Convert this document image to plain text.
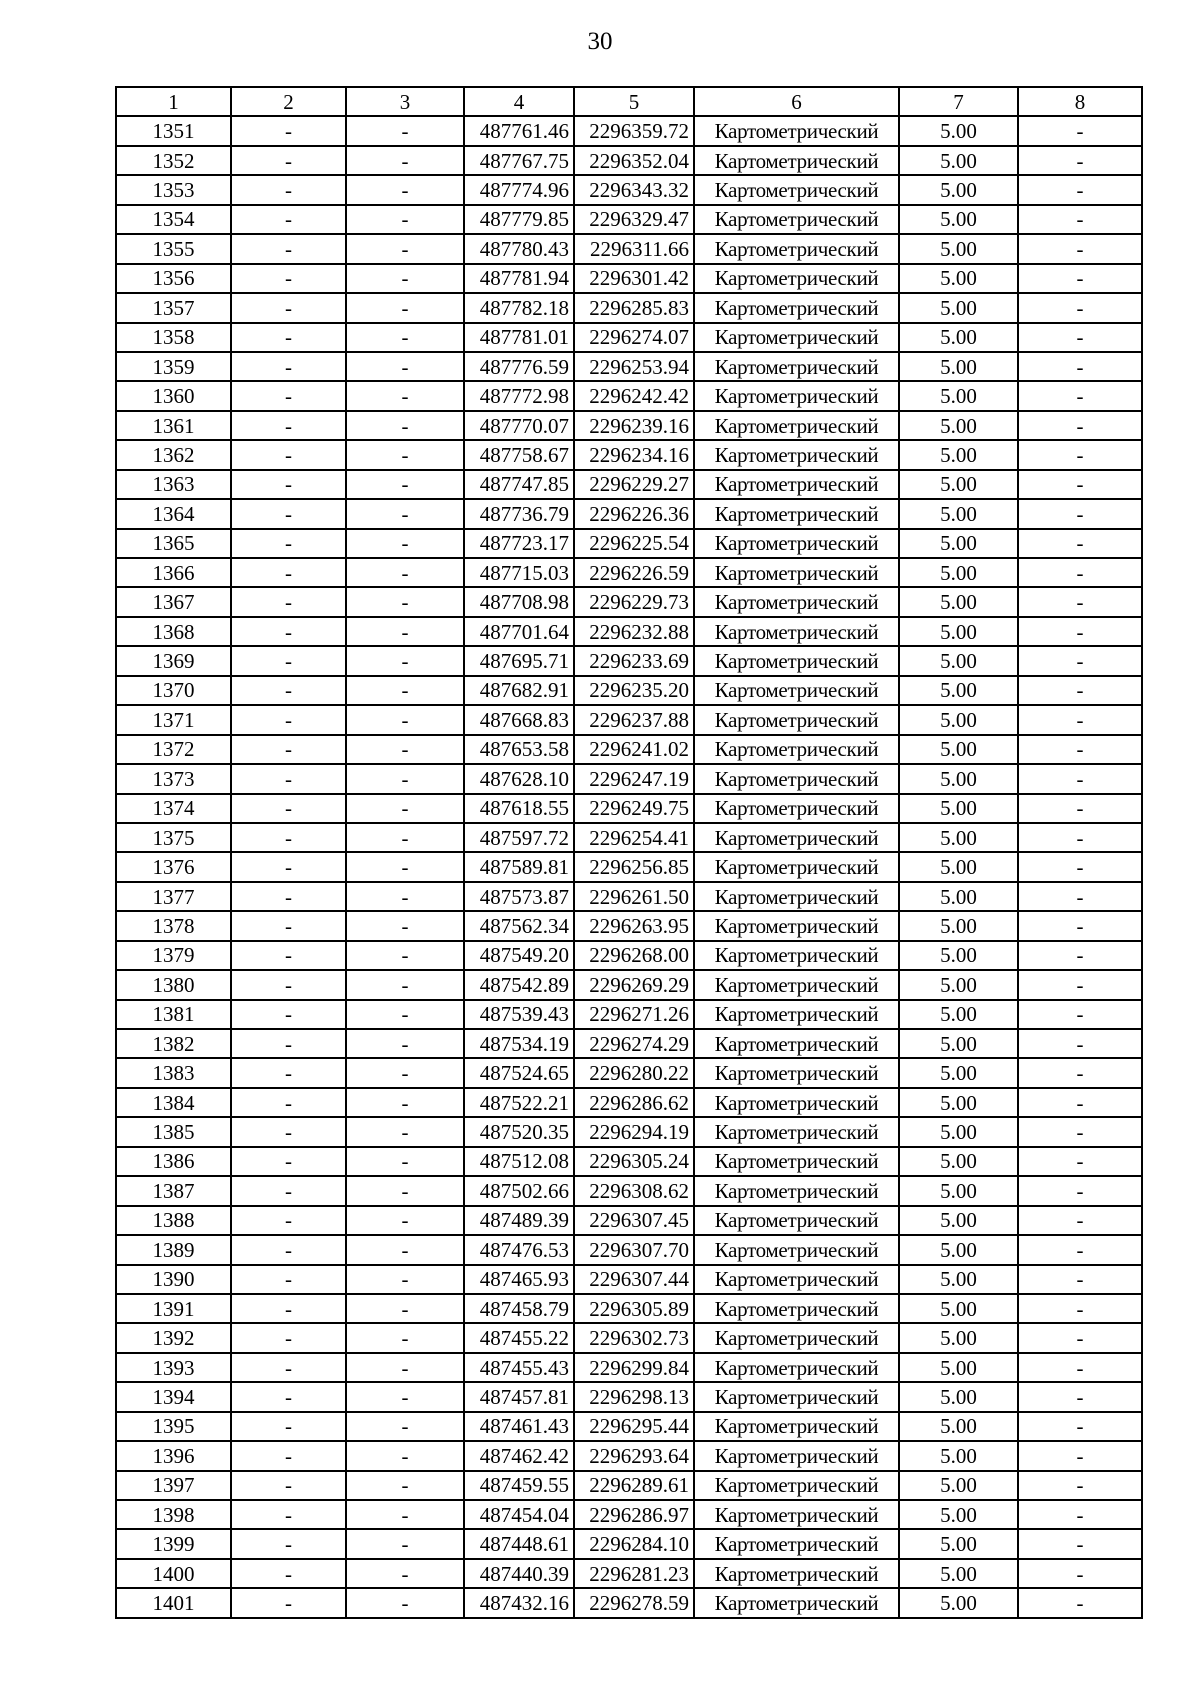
30
1	2	3	4	5	6	7	8
1351	-	-	487761.46	2296359.72	Картометрический	5.00	-
1352	-	-	487767.75	2296352.04	Картометрический	5.00	-
1353	-	-	487774.96	2296343.32	Картометрический	5.00	-
1354	-	-	487779.85	2296329.47	Картометрический	5.00	-
1355	-	-	487780.43	2296311.66	Картометрический	5.00	-
1356	-	-	487781.94	2296301.42	Картометрический	5.00	-
1357	-	-	487782.18	2296285.83	Картометрический	5.00	-
1358	-	-	487781.01	2296274.07	Картометрический	5.00	-
1359	-	-	487776.59	2296253.94	Картометрический	5.00	-
1360	-	-	487772.98	2296242.42	Картометрический	5.00	-
1361	-	-	487770.07	2296239.16	Картометрический	5.00	-
1362	-	-	487758.67	2296234.16	Картометрический	5.00	-
1363	-	-	487747.85	2296229.27	Картометрический	5.00	-
1364	-	-	487736.79	2296226.36	Картометрический	5.00	-
1365	-	-	487723.17	2296225.54	Картометрический	5.00	-
1366	-	-	487715.03	2296226.59	Картометрический	5.00	-
1367	-	-	487708.98	2296229.73	Картометрический	5.00	-
1368	-	-	487701.64	2296232.88	Картометрический	5.00	-
1369	-	-	487695.71	2296233.69	Картометрический	5.00	-
1370	-	-	487682.91	2296235.20	Картометрический	5.00	-
1371	-	-	487668.83	2296237.88	Картометрический	5.00	-
1372	-	-	487653.58	2296241.02	Картометрический	5.00	-
1373	-	-	487628.10	2296247.19	Картометрический	5.00	-
1374	-	-	487618.55	2296249.75	Картометрический	5.00	-
1375	-	-	487597.72	2296254.41	Картометрический	5.00	-
1376	-	-	487589.81	2296256.85	Картометрический	5.00	-
1377	-	-	487573.87	2296261.50	Картометрический	5.00	-
1378	-	-	487562.34	2296263.95	Картометрический	5.00	-
1379	-	-	487549.20	2296268.00	Картометрический	5.00	-
1380	-	-	487542.89	2296269.29	Картометрический	5.00	-
1381	-	-	487539.43	2296271.26	Картометрический	5.00	-
1382	-	-	487534.19	2296274.29	Картометрический	5.00	-
1383	-	-	487524.65	2296280.22	Картометрический	5.00	-
1384	-	-	487522.21	2296286.62	Картометрический	5.00	-
1385	-	-	487520.35	2296294.19	Картометрический	5.00	-
1386	-	-	487512.08	2296305.24	Картометрический	5.00	-
1387	-	-	487502.66	2296308.62	Картометрический	5.00	-
1388	-	-	487489.39	2296307.45	Картометрический	5.00	-
1389	-	-	487476.53	2296307.70	Картометрический	5.00	-
1390	-	-	487465.93	2296307.44	Картометрический	5.00	-
1391	-	-	487458.79	2296305.89	Картометрический	5.00	-
1392	-	-	487455.22	2296302.73	Картометрический	5.00	-
1393	-	-	487455.43	2296299.84	Картометрический	5.00	-
1394	-	-	487457.81	2296298.13	Картометрический	5.00	-
1395	-	-	487461.43	2296295.44	Картометрический	5.00	-
1396	-	-	487462.42	2296293.64	Картометрический	5.00	-
1397	-	-	487459.55	2296289.61	Картометрический	5.00	-
1398	-	-	487454.04	2296286.97	Картометрический	5.00	-
1399	-	-	487448.61	2296284.10	Картометрический	5.00	-
1400	-	-	487440.39	2296281.23	Картометрический	5.00	-
1401	-	-	487432.16	2296278.59	Картометрический	5.00	-
